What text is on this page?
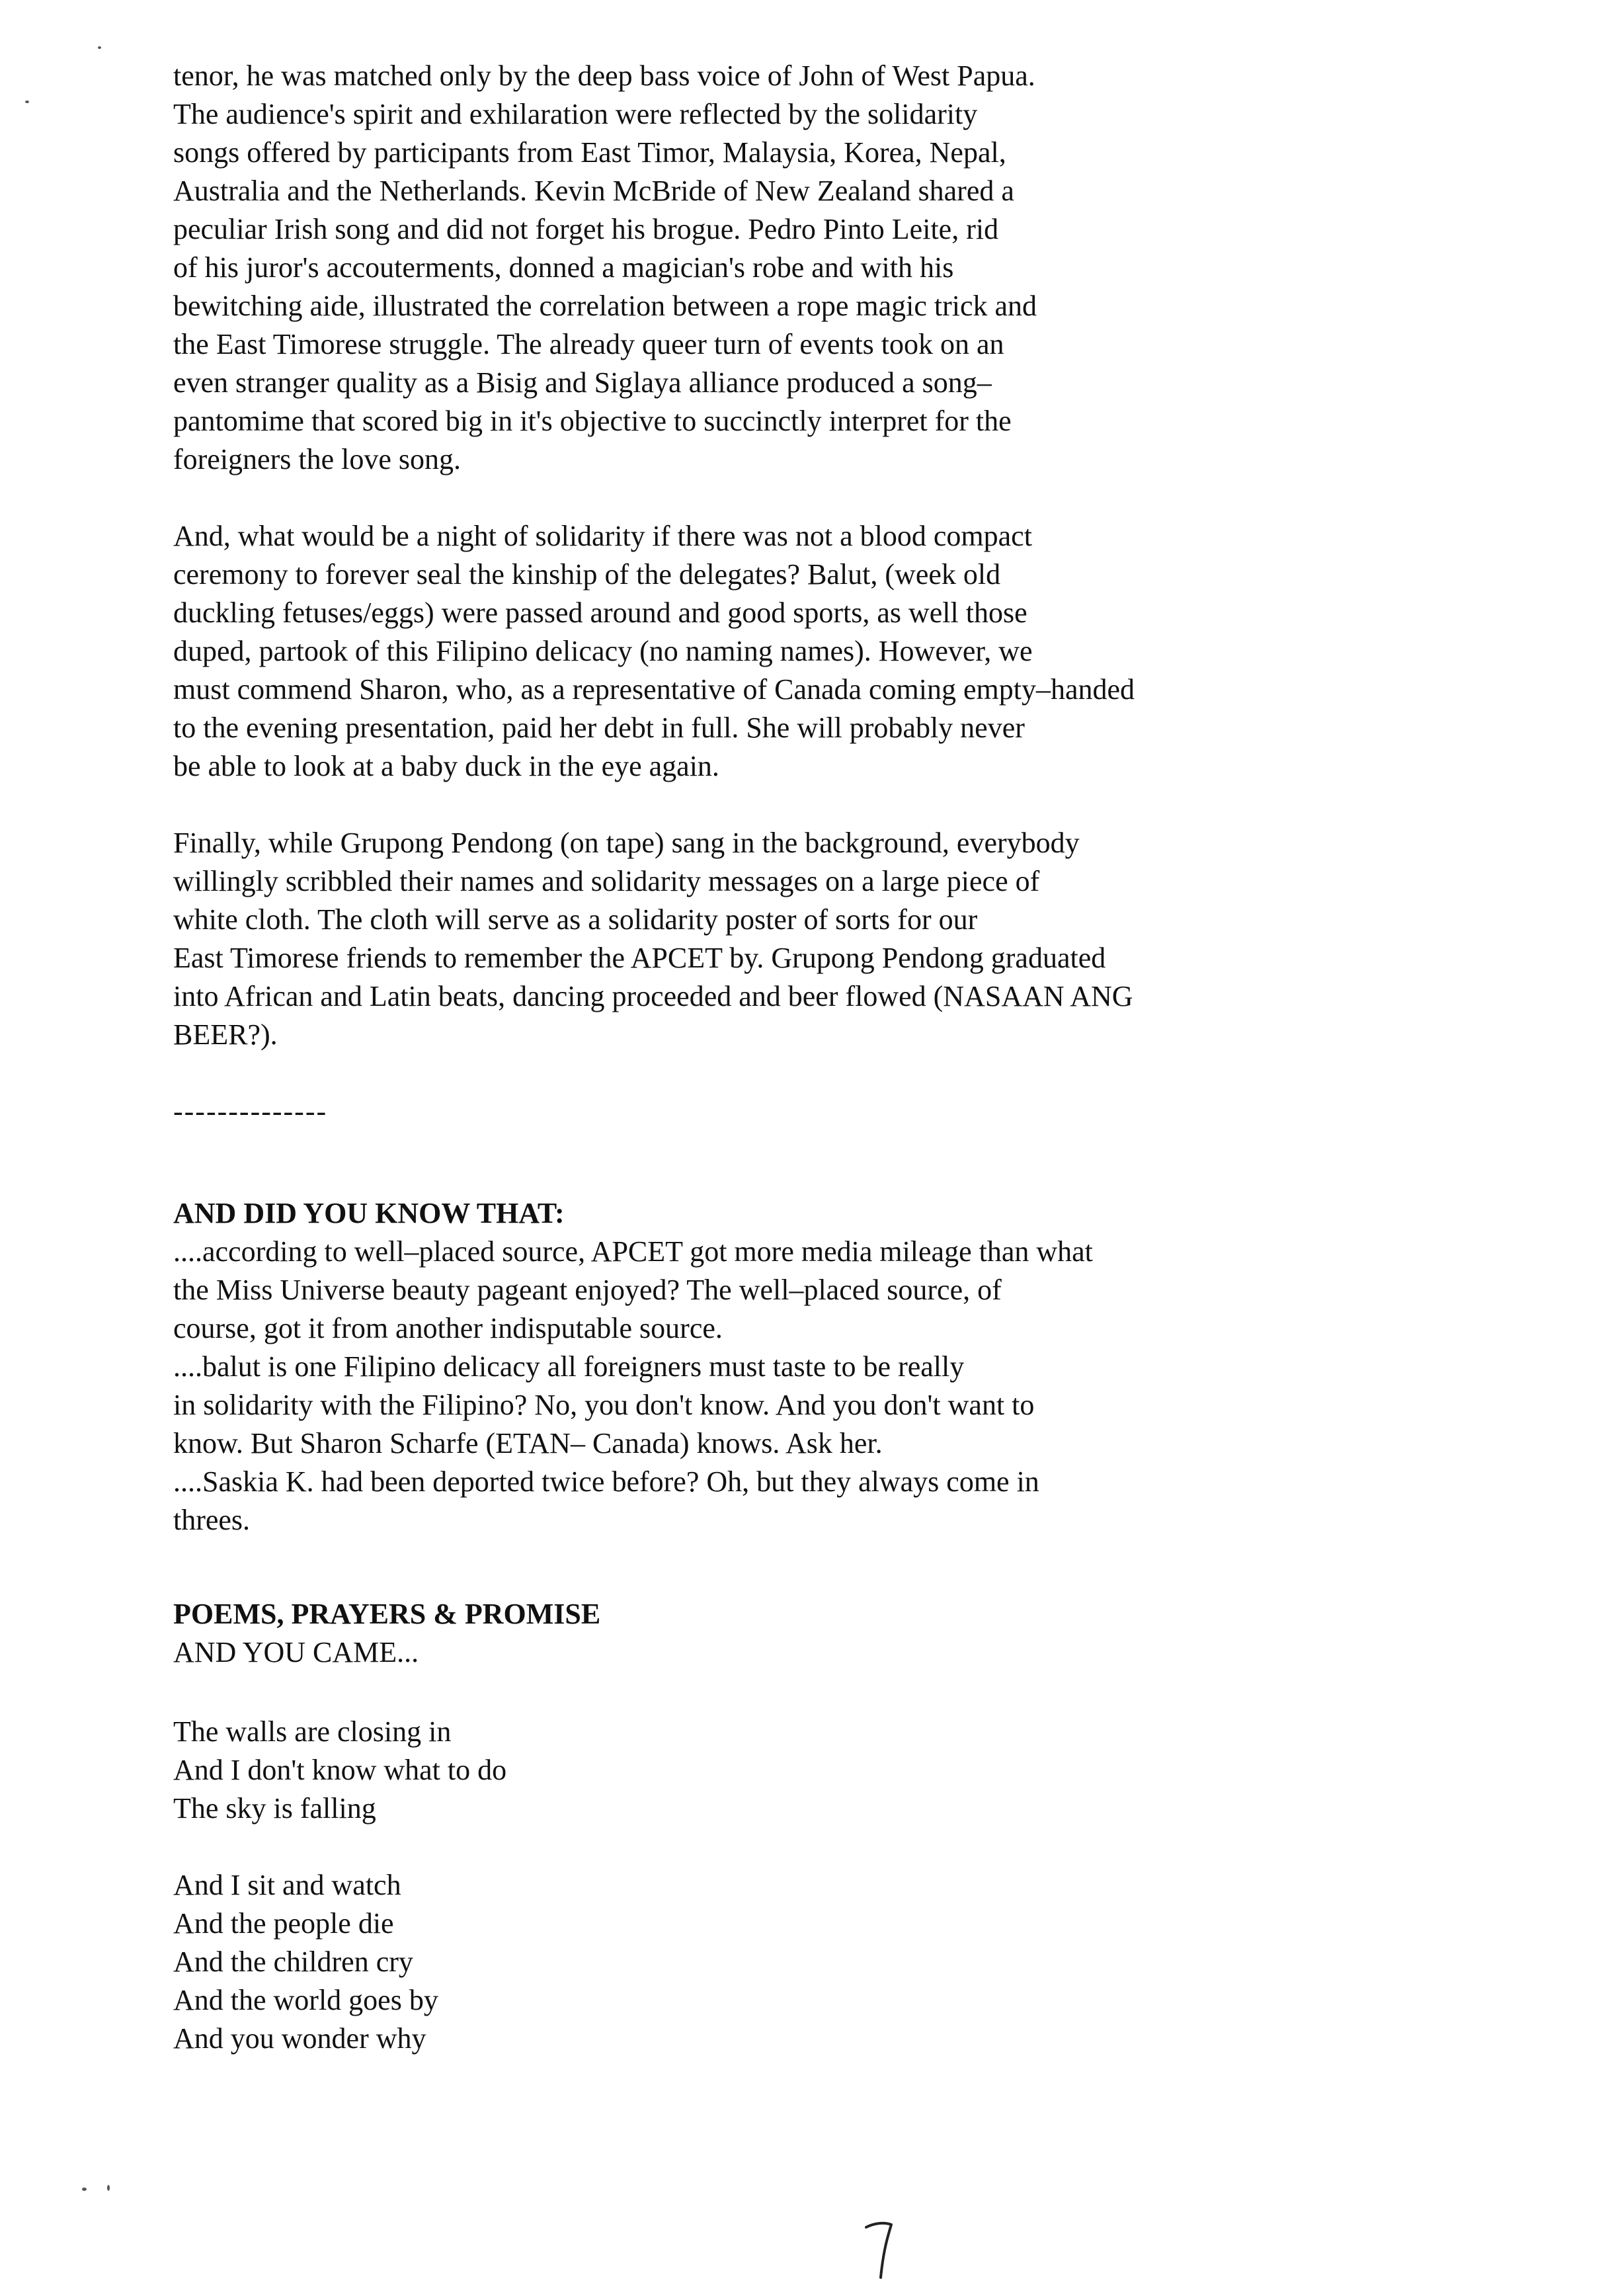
tenor, he was matched only by the deep bass voice of John of West Papua.
The audience's spirit and exhilaration were reflected by the solidarity
songs offered by participants from East Timor, Malaysia, Korea, Nepal,
Australia and the Netherlands. Kevin McBride of New Zealand shared a
peculiar Irish song and did not forget his brogue. Pedro Pinto Leite, rid
of his juror's accouterments, donned a magician's robe and with his
bewitching aide, illustrated the correlation between a rope magic trick and
the East Timorese struggle. The already queer turn of events took on an
even stranger quality as a Bisig and Siglaya alliance produced a song–
pantomime that scored big in it's objective to succinctly interpret for the
foreigners the love song.
And, what would be a night of solidarity if there was not a blood compact
ceremony to forever seal the kinship of the delegates? Balut, (week old
duckling fetuses/eggs) were passed around and good sports, as well those
duped, partook of this Filipino delicacy (no naming names). However, we
must commend Sharon, who, as a representative of Canada coming empty–handed
to the evening presentation, paid her debt in full. She will probably never
be able to look at a baby duck in the eye again.
Finally, while Grupong Pendong (on tape) sang in the background, everybody
willingly scribbled their names and solidarity messages on a large piece of
white cloth. The cloth will serve as a solidarity poster of sorts for our
East Timorese friends to remember the APCET by. Grupong Pendong graduated
into African and Latin beats, dancing proceeded and beer flowed (NASAAN ANG
BEER?).
--------------
AND DID YOU KNOW THAT:
....according to well–placed source, APCET got more media mileage than what
the Miss Universe beauty pageant enjoyed? The well–placed source, of
course, got it from another indisputable source.
....balut is one Filipino delicacy all foreigners must taste to be really
in solidarity with the Filipino? No, you don't know. And you don't want to
know. But Sharon Scharfe (ETAN– Canada) knows. Ask her.
....Saskia K. had been deported twice before? Oh, but they always come in
threes.
POEMS, PRAYERS & PROMISE
AND YOU CAME...
The walls are closing in
And I don't know what to do
The sky is falling
And I sit and watch
And the people die
And the children cry
And the world goes by
And you wonder why
